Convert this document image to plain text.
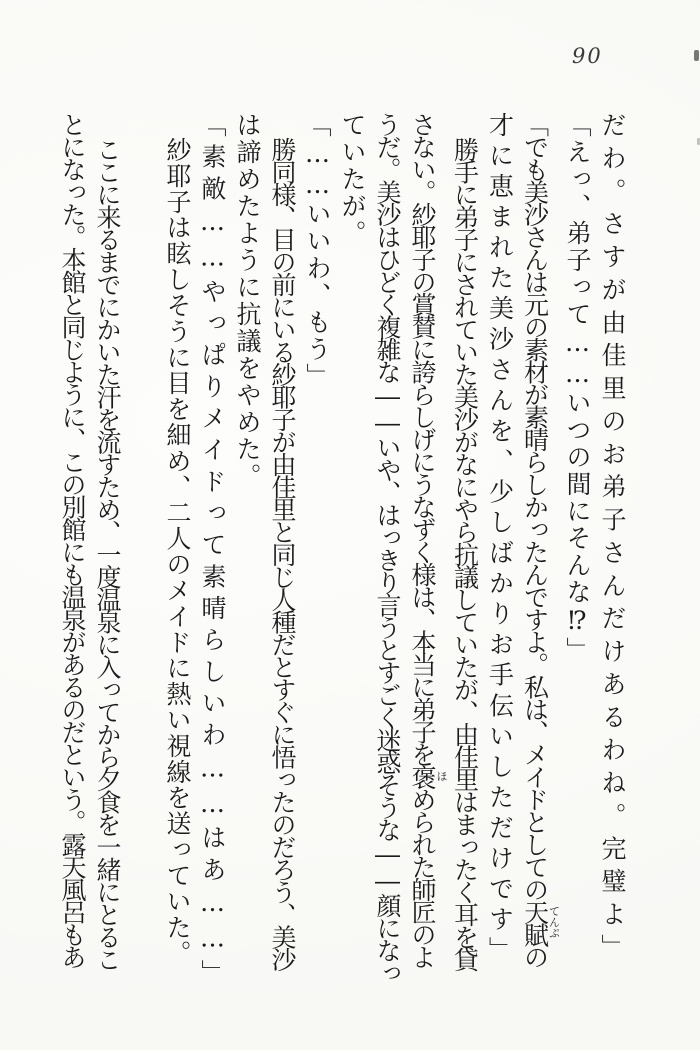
90
だわ。さすが由佳里のお弟子さんだけあるわね。完璧よ」
「えっ、弟子って……いつの間にそんな⁉」
「でも美沙さんは元の素材が素晴らしかったんですよ。私は、メイドとしての天賦てんぷの
才に恵まれた美沙さんを、少しばかりお手伝いしただけです」
勝手に弟子にされていた美沙がなにやら抗議していたが、由佳里はまったく耳を貸
さない。紗耶子の賞賛に誇らしげにうなずく様は、本当に弟子を褒ほめられた師匠のよ
うだ。美沙はひどく複雑な――いや、はっきり言うとすごく迷惑そうな――顔になっ
ていたが。
「……いいわ、もう」
勝同様、目の前にいる紗耶子が由佳里と同じ人種だとすぐに悟ったのだろう、美沙
は諦めたように抗議をやめた。
「素敵……やっぱりメイドって素晴らしいわ……はあ……」
紗耶子は眩しそうに目を細め、二人のメイドに熱い視線を送っていた。
ここに来るまでにかいた汗を流すため、一度温泉に入ってから夕食を一緒にとるこ
とになった。本館と同じように、この別館にも温泉があるのだという。露天風呂もあ
